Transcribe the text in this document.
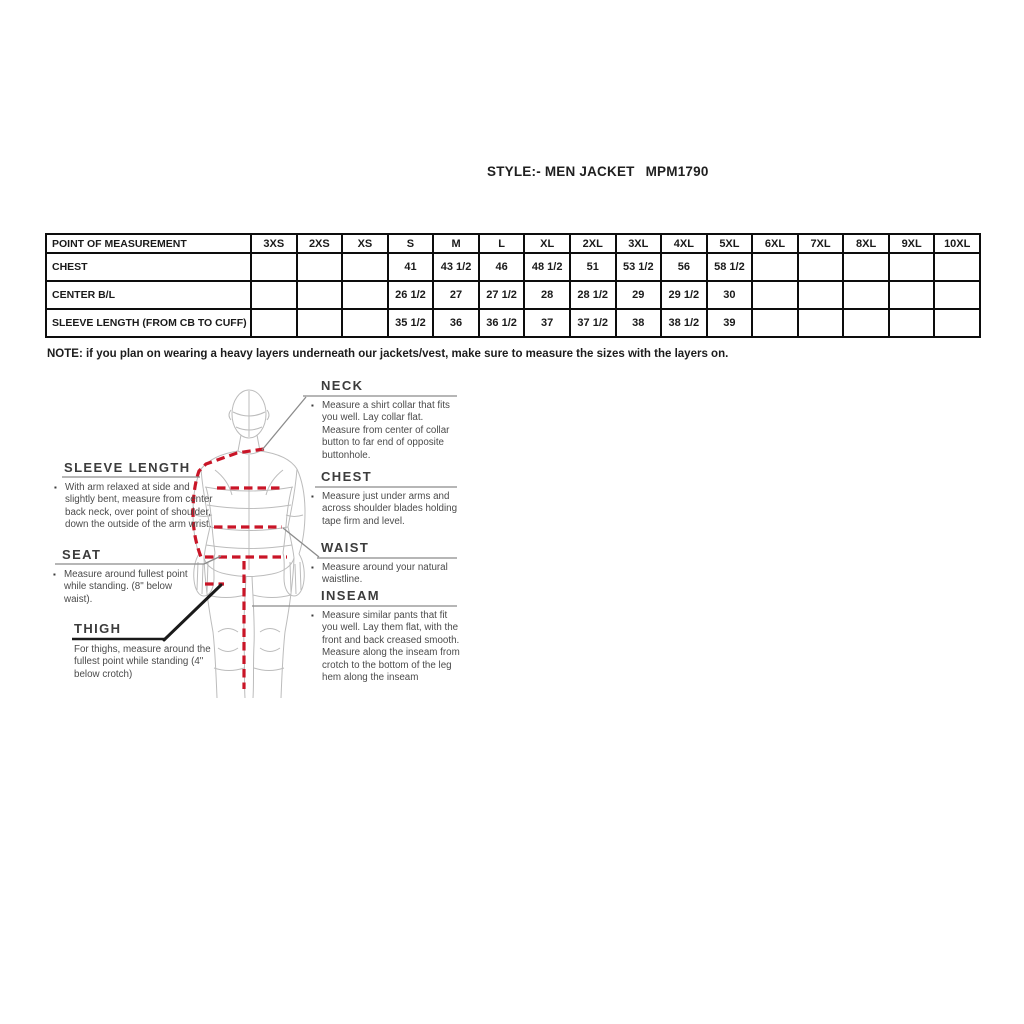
STYLE:- MEN JACKET MPM1790
POINT OF MEASUREMENT	3XS	2XS	XS	S	M	L	XL	2XL	3XL	4XL	5XL	6XL	7XL	8XL	9XL	10XL
CHEST				41	43 1/2	46	48 1/2	51	53 1/2	56	58 1/2					
CENTER B/L				26 1/2	27	27 1/2	28	28 1/2	29	29 1/2	30					
SLEEVE LENGTH (FROM CB TO CUFF)				35 1/2	36	36 1/2	37	37 1/2	38	38 1/2	39					
NOTE: if you plan on wearing a heavy layers underneath our jackets/vest, make sure to measure the sizes with the layers on.
NECK
▪ Measure a shirt collar that fits you well. Lay collar flat. Measure from center of collar button to far end of opposite buttonhole.
CHEST
▪ Measure just under arms and across shoulder blades holding tape firm and level.
WAIST
▪ Measure around your natural waistline.
INSEAM
▪ Measure similar pants that fit you well. Lay them flat, with the front and back creased smooth. Measure along the inseam from crotch to the bottom of the leg hem along the inseam
SLEEVE LENGTH
▪ With arm relaxed at side and slightly bent, measure from center back neck, over point of shoulder, down the outside of the arm wrist.
SEAT
▪ Measure around fullest point while standing. (8" below waist).
THIGH
For thighs, measure around the fullest point while standing (4" below crotch)
